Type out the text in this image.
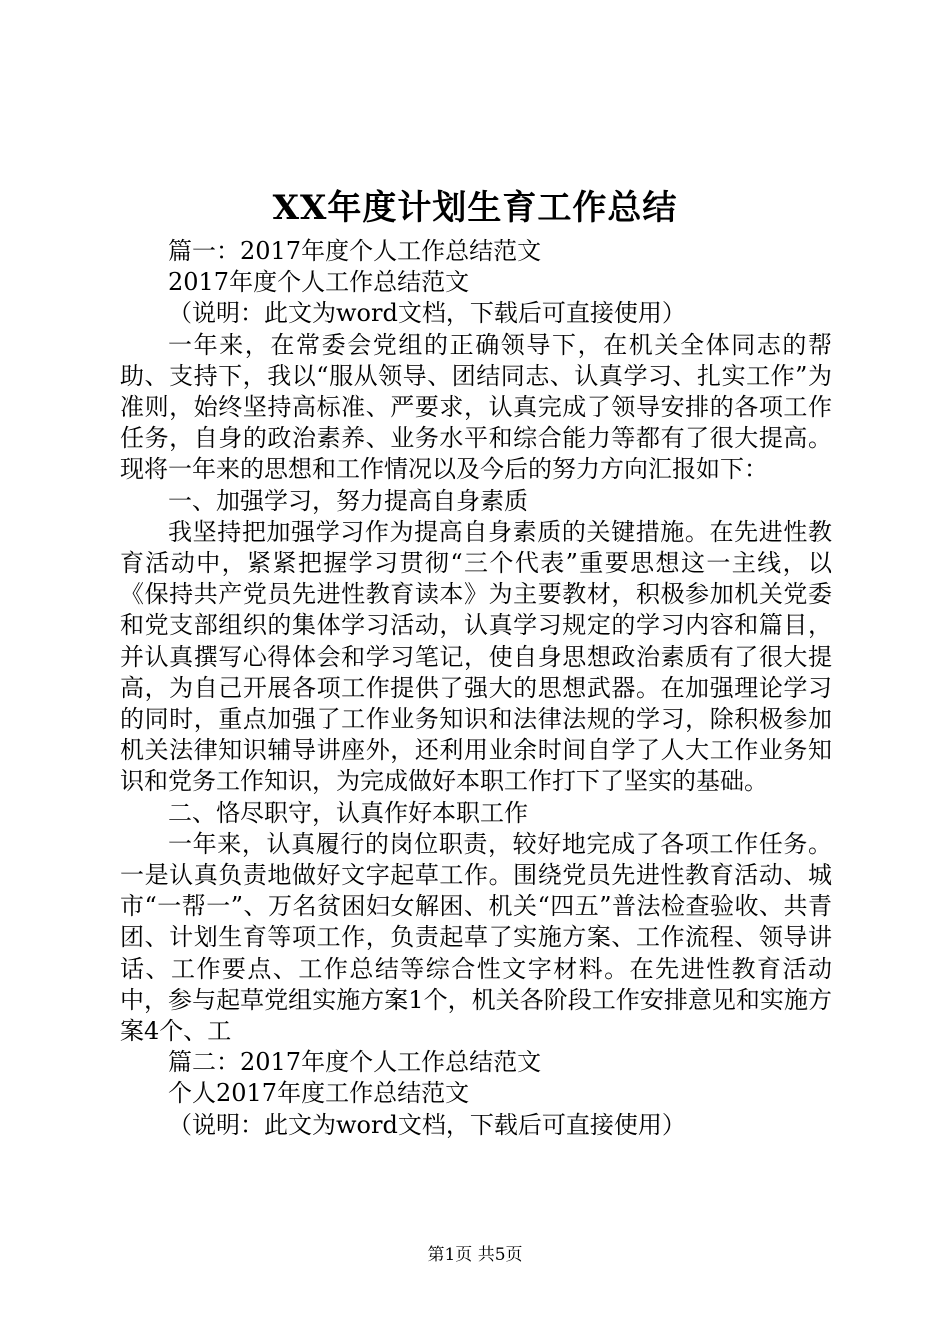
XX年度计划生育工作总结

篇一：2017年度个人工作总结范文

2017年度个人工作总结范文

（说明：此文为word文档，下载后可直接使用）

一年来，在常委会党组的正确领导下，在机关全体同志的帮助、支持下，我以“服从领导、团结同志、认真学习、扎实工作”为准则，始终坚持高标准、严要求，认真完成了领导安排的各项工作任务，自身的政治素养、业务水平和综合能力等都有了很大提高。现将一年来的思想和工作情况以及今后的努力方向汇报如下：

一、加强学习，努力提高自身素质

我坚持把加强学习作为提高自身素质的关键措施。在先进性教育活动中，紧紧把握学习贯彻“三个代表”重要思想这一主线，以《保持共产党员先进性教育读本》为主要教材，积极参加机关党委和党支部组织的集体学习活动，认真学习规定的学习内容和篇目，并认真撰写心得体会和学习笔记，使自身思想政治素质有了很大提高，为自己开展各项工作提供了强大的思想武器。在加强理论学习的同时，重点加强了工作业务知识和法律法规的学习，除积极参加机关法律知识辅导讲座外，还利用业余时间自学了人大工作业务知识和党务工作知识，为完成做好本职工作打下了坚实的基础。

二、恪尽职守，认真作好本职工作

一年来，认真履行的岗位职责，较好地完成了各项工作任务。一是认真负责地做好文字起草工作。围绕党员先进性教育活动、城市“一帮一”、万名贫困妇女解困、机关“四五”普法检查验收、共青团、计划生育等项工作，负责起草了实施方案、工作流程、领导讲话、工作要点、工作总结等综合性文字材料。在先进性教育活动中，参与起草党组实施方案1个，机关各阶段工作安排意见和实施方案4个、工

篇二：2017年度个人工作总结范文

个人2017年度工作总结范文

（说明：此文为word文档，下载后可直接使用）

第1页 共5页
